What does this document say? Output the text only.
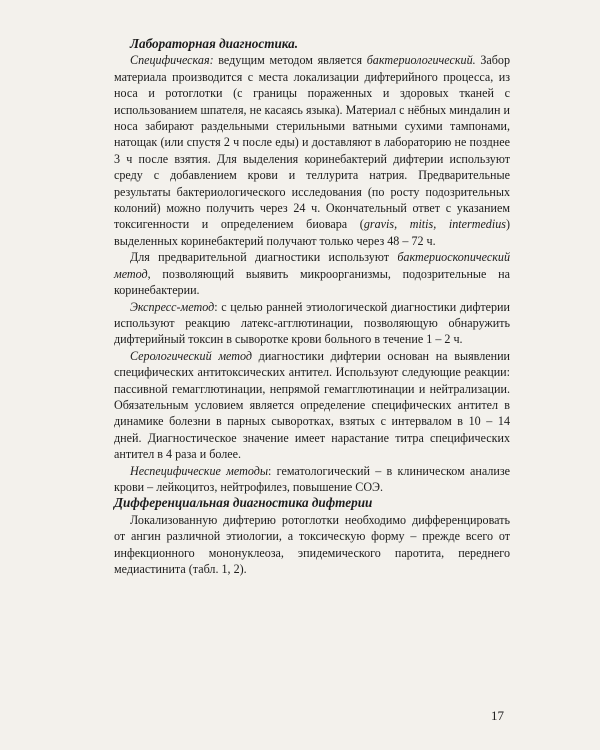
Лабораторная диагностика.

Специфическая: ведущим методом является бактериологический. Забор материала производится с места локализации дифтерийного процесса, из носа и ротоглотки (с границы пораженных и здоровых тканей с использованием шпателя, не касаясь языка). Материал с нёбных миндалин и носа забирают раздельными стерильными ватными сухими тампонами, натощак (или спустя 2 ч после еды) и доставляют в лабораторию не позднее 3 ч после взятия. Для выделения коринебактерий дифтерии используют среду с добавлением крови и теллурита натрия. Предварительные результаты бактериологического исследования (по росту подозрительных колоний) можно получить через 24 ч. Окончательный ответ с указанием токсигенности и определением биовара (gravis, mitis, intermedius) выделенных коринебактерий получают только через 48 – 72 ч.

Для предварительной диагностики используют бактериоскопический метод, позволяющий выявить микроорганизмы, подозрительные на коринебактерии.

Экспресс-метод: с целью ранней этиологической диагностики дифтерии используют реакцию латекс-агглютинации, позволяющую обнаружить дифтерийный токсин в сыворотке крови больного в течение 1 – 2 ч.

Серологический метод диагностики дифтерии основан на выявлении специфических антитоксических антител. Используют следующие реакции: пассивной гемагглютинации, непрямой гемагглютинации и нейтрализации. Обязательным условием является определение специфических антител в динамике болезни в парных сыворотках, взятых с интервалом в 10 – 14 дней. Диагностическое значение имеет нарастание титра специфических антител в 4 раза и более.

Неспецифические методы: гематологический – в клиническом анализе крови – лейкоцитоз, нейтрофилез, повышение СОЭ.

Дифференциальная диагностика дифтерии

Локализованную дифтерию ротоглотки необходимо дифференцировать от ангин различной этиологии, а токсическую форму – прежде всего от инфекционного мононуклеоза, эпидемического паротита, переднего медиастинита (табл. 1, 2).

17
